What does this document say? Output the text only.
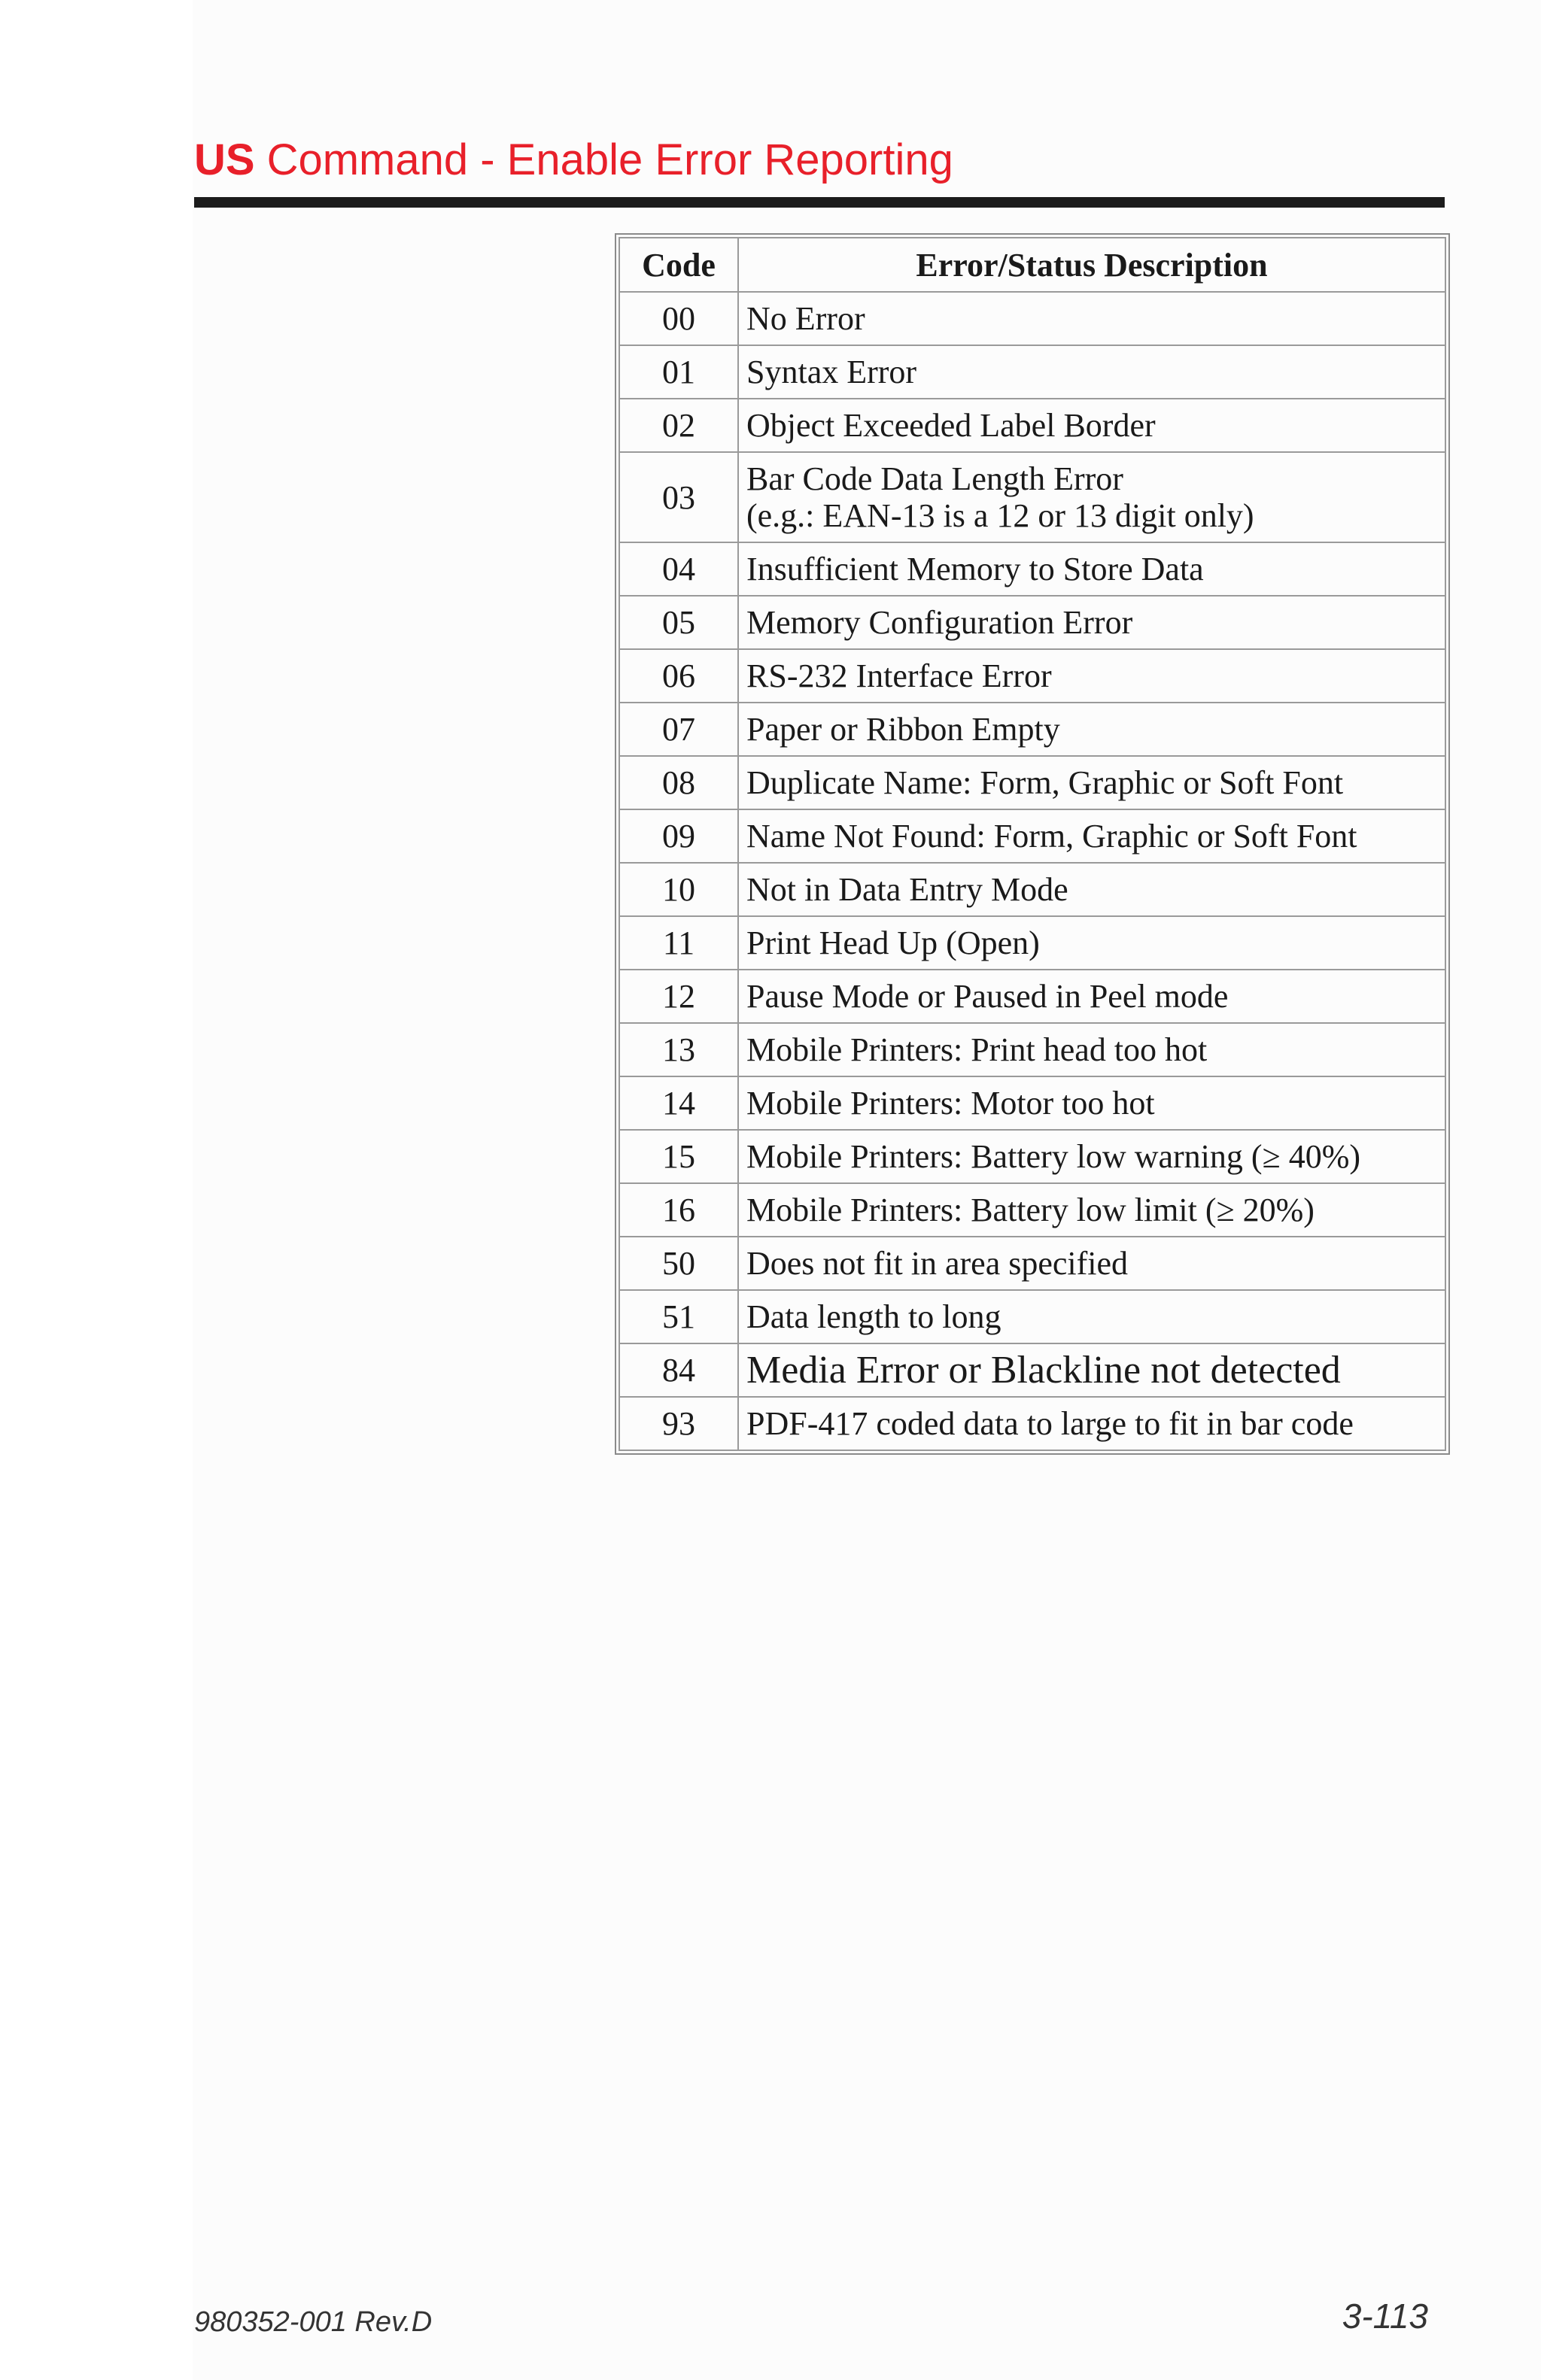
US Command - Enable Error Reporting
Code	Error/Status Description
00	No Error

01	Syntax Error

02	Object Exceeded Label Border

03	Bar Code Data Length Error
(e.g.: EAN-13 is a 12 or 13 digit only)

04	Insufficient Memory to Store Data

05	Memory Configuration Error

06	RS-232 Interface Error

07	Paper or Ribbon Empty

08	Duplicate Name: Form, Graphic or Soft Font

09	Name Not Found: Form, Graphic or Soft Font

10	Not in Data Entry Mode

11	Print Head Up (Open)

12	Pause Mode or Paused in Peel mode

13	Mobile Printers: Print head too hot

14	Mobile Printers: Motor too hot

15	Mobile Printers: Battery low warning (≥ 40%)

16	Mobile Printers: Battery low limit (≥ 20%)

50	Does not fit in area specified

51	Data length to long

84	Media Error or Blackline not detected

93	PDF-417 coded data to large to fit in bar code
980352-001 Rev.D	3-113
